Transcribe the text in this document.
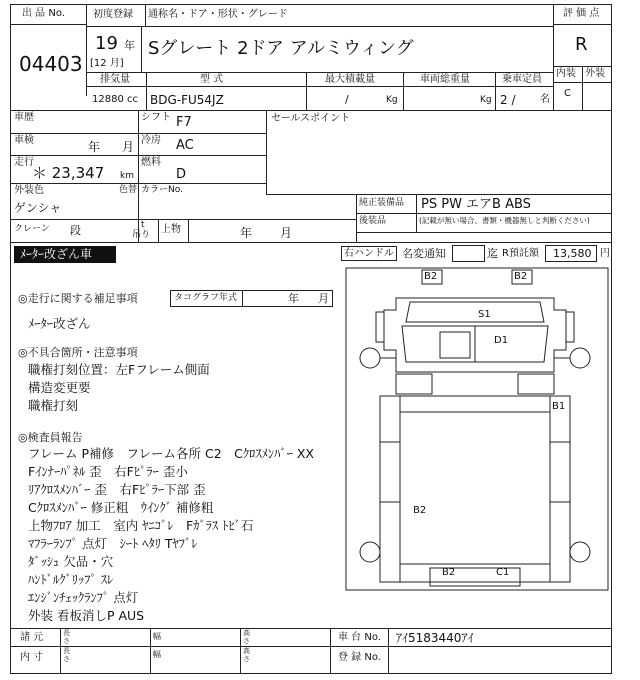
出 品 No.
04403
初度登録 通称名・ドア・形状・グレード
19 年
[12 月]
Sグレート 2ドア アルミウィング
評 価 点
R
内装 外装
C
排気量	型 式	最大積載量	車両総重量	乗車定員
12880 cc BDG-FU54JZ	/	Kg	Kg 2 / 名
車歴	シフト F7	セールスポイント
車検	年 月 冷房 AC
走行
＊ 23,347 km
燃料
D
外装色
ゲンシャ
色替 カラーNo.
純正装備品 PS PW エアB ABS
後装品	(記載が無い場合、書類・機器無しと判断ください)
クレーン 段	t
吊り 上物	年 月
ﾒｰﾀｰ改ざん車	右ハンドル 名変通知	迄 R預託額 13,580 円
◎走行に関する補足事項	タコグラフ年式	年 月
ﾒｰﾀｰ改ざん
◎不具合箇所・注意事項
職権打刻位置：左Fフレーム側面
構造変更要
職権打刻
◎検査員報告
フレーム P補修　フレーム各所 C2　Cｸﾛｽﾒﾝﾊﾞｰ XX
Fｲﾝﾅｰﾊﾟﾈﾙ 歪　右Fﾋﾟﾗｰ 歪小
ﾘｱｸﾛｽﾒﾝﾊﾞｰ 歪　右Fﾋﾟﾗｰ下部 歪
Cｸﾛｽﾒﾝﾊﾞｰ 修正粗　ｳｲﾝｸﾞ 補修粗
上物ﾌﾛｱ 加工　室内 ﾔﾆｺﾞﾚ　Fｶﾞﾗｽ ﾄﾋﾞ石
ﾏﾌﾗｰﾗﾝﾌﾟ 点灯　ｼｰﾄ ﾍﾀﾘ Tﾔﾌﾞﾚ
ﾀﾞｯｼｭ 欠品・穴
ﾊﾝﾄﾞﾙｸﾞﾘｯﾌﾟ ｽﾚ
ｴﾝｼﾞﾝﾁｪｯｸﾗﾝﾌﾟ 点灯
外装 看板消しP AUS
B2	B2
S1
D1
B1
B2
B2	C1
諸 元
内 寸
長さ	幅	高さ
長さ	幅	高さ
車 台 No. ｱｲ5183440ｱｲ
登 録 No.
